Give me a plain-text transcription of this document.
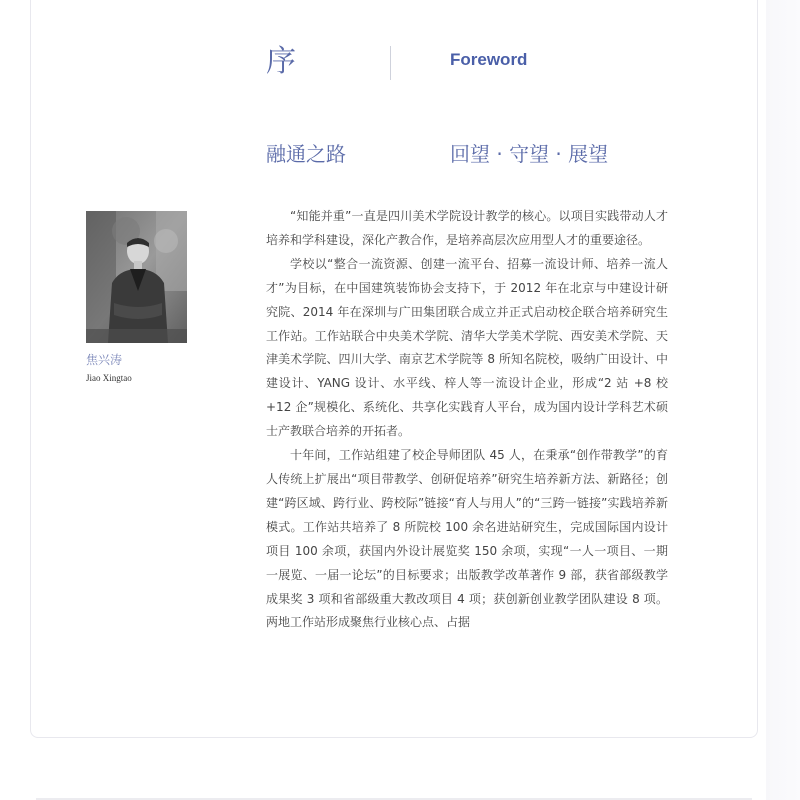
序	Foreword
融通之路	回望 · 守望 · 展望
焦兴涛
Jiao Xingtao

“知能并重”一直是四川美术学院设计教学的核心。以项目实践带动人才培养和学科建设，深化产教合作，是培养高层次应用型人才的重要途径。

学校以“整合一流资源、创建一流平台、招募一流设计师、培养一流人才”为目标，在中国建筑装饰协会支持下，于 2012 年在北京与中建设计研究院、2014 年在深圳与广田集团联合成立并正式启动校企联合培养研究生工作站。工作站联合中央美术学院、清华大学美术学院、西安美术学院、天津美术学院、四川大学、南京艺术学院等 8 所知名院校，吸纳广田设计、中建设计、YANG 设计、水平线、梓人等一流设计企业，形成“2 站 +8 校 +12 企”规模化、系统化、共享化实践育人平台，成为国内设计学科艺术硕士产教联合培养的开拓者。

十年间，工作站组建了校企导师团队 45 人，在秉承“创作带教学”的育人传统上扩展出“项目带教学、创研促培养”研究生培养新方法、新路径；创建“跨区域、跨行业、跨校际”链接“育人与用人”的“三跨一链接”实践培养新模式。工作站共培养了 8 所院校 100 余名进站研究生，完成国际国内设计项目 100 余项，获国内外设计展览奖 150 余项，实现“一人一项目、一期一展览、一届一论坛”的目标要求；出版教学改革著作 9 部，获省部级教学成果奖 3 项和省部级重大教改项目 4 项；获创新创业教学团队建设 8 项。两地工作站形成聚焦行业核心点、占据
